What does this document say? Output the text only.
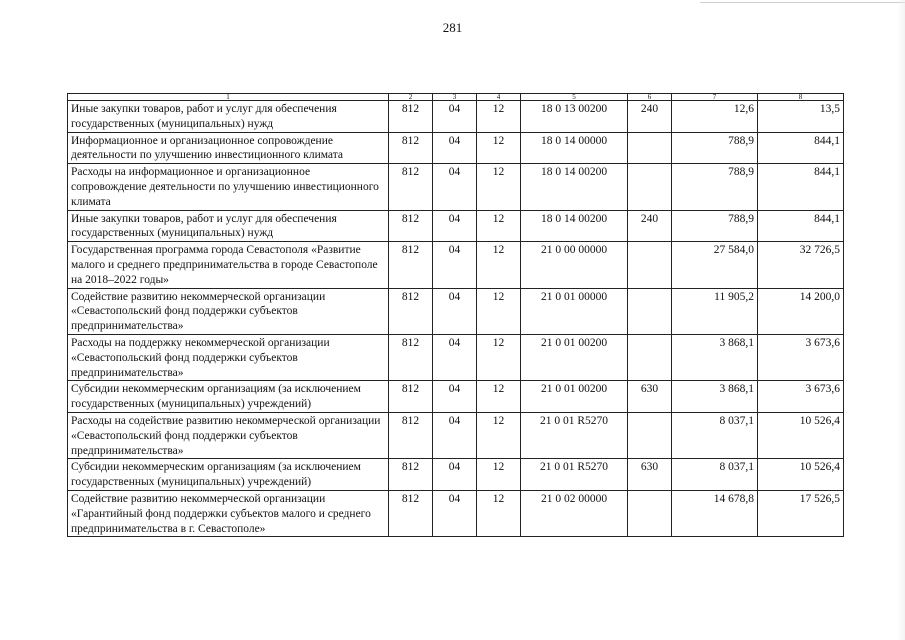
281
1	2	3	4	5	6	7	8
Иные закупки товаров, работ и услуг для обеспечения государственных (муниципальных) нужд	812	04	12	18 0 13 00200	240	12,6	13,5
Информационное и организационное сопровождение деятельности по улучшению инвестиционного климата	812	04	12	18 0 14 00000		788,9	844,1
Расходы на информационное и организационное сопровождение деятельности по улучшению инвестиционного климата	812	04	12	18 0 14 00200		788,9	844,1
Иные закупки товаров, работ и услуг для обеспечения государственных (муниципальных) нужд	812	04	12	18 0 14 00200	240	788,9	844,1
Государственная программа города Севастополя «Развитие малого и среднего предпринимательства в городе Севастополе на 2018–2022 годы»	812	04	12	21 0 00 00000		27 584,0	32 726,5
Содействие развитию некоммерческой организации «Севастопольский фонд поддержки субъектов предпринимательства»	812	04	12	21 0 01 00000		11 905,2	14 200,0
Расходы на поддержку некоммерческой организации «Севастопольский фонд поддержки субъектов предпринимательства»	812	04	12	21 0 01 00200		3 868,1	3 673,6
Субсидии некоммерческим организациям (за исключением государственных (муниципальных) учреждений)	812	04	12	21 0 01 00200	630	3 868,1	3 673,6
Расходы на содействие развитию некоммерческой организации «Севастопольский фонд поддержки субъектов предпринимательства»	812	04	12	21 0 01 R5270		8 037,1	10 526,4
Субсидии некоммерческим организациям (за исключением государственных (муниципальных) учреждений)	812	04	12	21 0 01 R5270	630	8 037,1	10 526,4
Содействие развитию некоммерческой организации «Гарантийный фонд поддержки субъектов малого и среднего предпринимательства в г. Севастополе»	812	04	12	21 0 02 00000		14 678,8	17 526,5
